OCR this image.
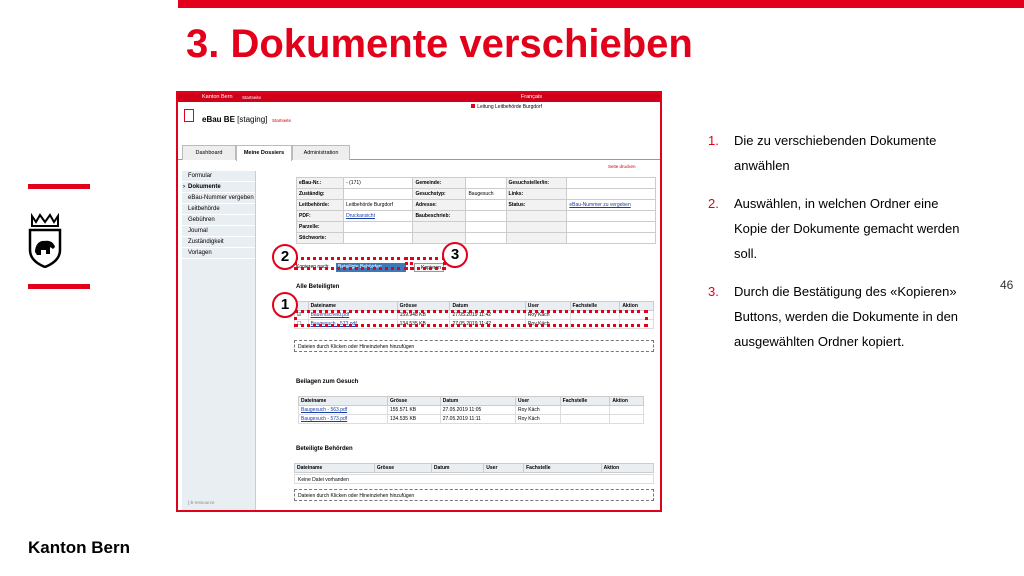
3. Dokumente verschieben
Kanton Bern
46
1. Die zu verschiebenden Dokumente anwählen
2. Auswählen, in welchen Ordner eine Kopie der Dokumente gemacht werden soll.
3. Durch die Bestätigung des «Kopieren» Buttons, werden die Dokumente in den ausgewählten Ordner kopiert.
Kanton Bern Startseite	Français
Leitung Leitbehörde Burgdorf
eBau BE [staging] Startseite
Dashboard	Meine Dossiers	Administration
Formular
› Dokumente
eBau-Nummer vergeben
Leitbehörde
Gebühren
Journal
Zuständigkeit
Vorlagen
[-b-ressource
Seite drucken
eBau-Nr.:	- (171)	Gemeinde:		Gesuchsteller/in:	
Zuständig:		Gesuchstyp:	Baugesuch	Links:	
Leitbehörde:	Leitbehörde Burgdorf	Adresse:		Status:	eBau-Nummer zu vergeben
PDF:	Druckansicht	Baubeschrieb:			
Parzelle:					
Stichworte:					
Kopieren nach:	Beteiligte Behörden	Kopieren
Alle Beteiligten
	Dateiname	Grösse	Datum	User	Fachstelle	Aktion
☑	Bauentscheid.pdf	159.948 KB	27.05.2019 11:42	Roy Käch		
☐	Baugesuch - 573.pdf	134.535 KB	27.05.2019 11:42	Roy Käch		
Dateien durch Klicken oder Hineinziehen hinzufügen
Beilagen zum Gesuch
Dateiname	Grösse	Datum	User	Fachstelle	Aktion
Baugesuch - 563.pdf	155.571 KB	27.05.2019 11:05	Roy Käch		
Baugesuch - 573.pdf	134.535 KB	27.05.2019 11:11	Roy Käch		
Beteiligte Behörden
Dateiname	Grösse	Datum	User	Fachstelle	Aktion
Keine Datei vorhanden
Dateien durch Klicken oder Hineinziehen hinzufügen
2	3
1
